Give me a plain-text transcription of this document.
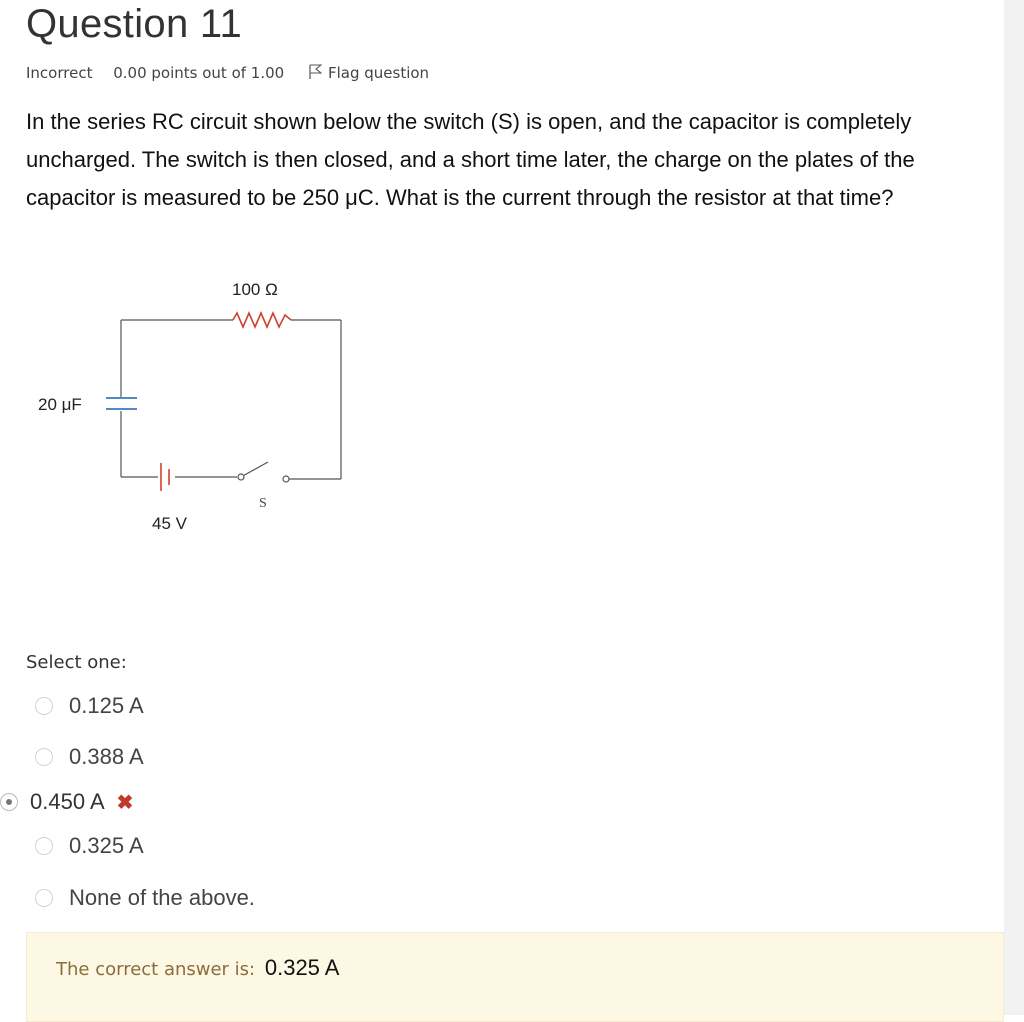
Question 11
Incorrect 0.00 points out of 1.00	Flag question

In the series RC circuit shown below the switch (S) is open, and the capacitor is completely uncharged. The switch is then closed, and a short time later, the charge on the plates of the capacitor is measured to be 250 μC. What is the current through the resistor at that time?

100 Ω
20 μF
45 V
S
Select one:
0.125 A
0.388 A
0.450 A ✖
0.325 A
None of the above.
The correct answer is: 0.325 A
